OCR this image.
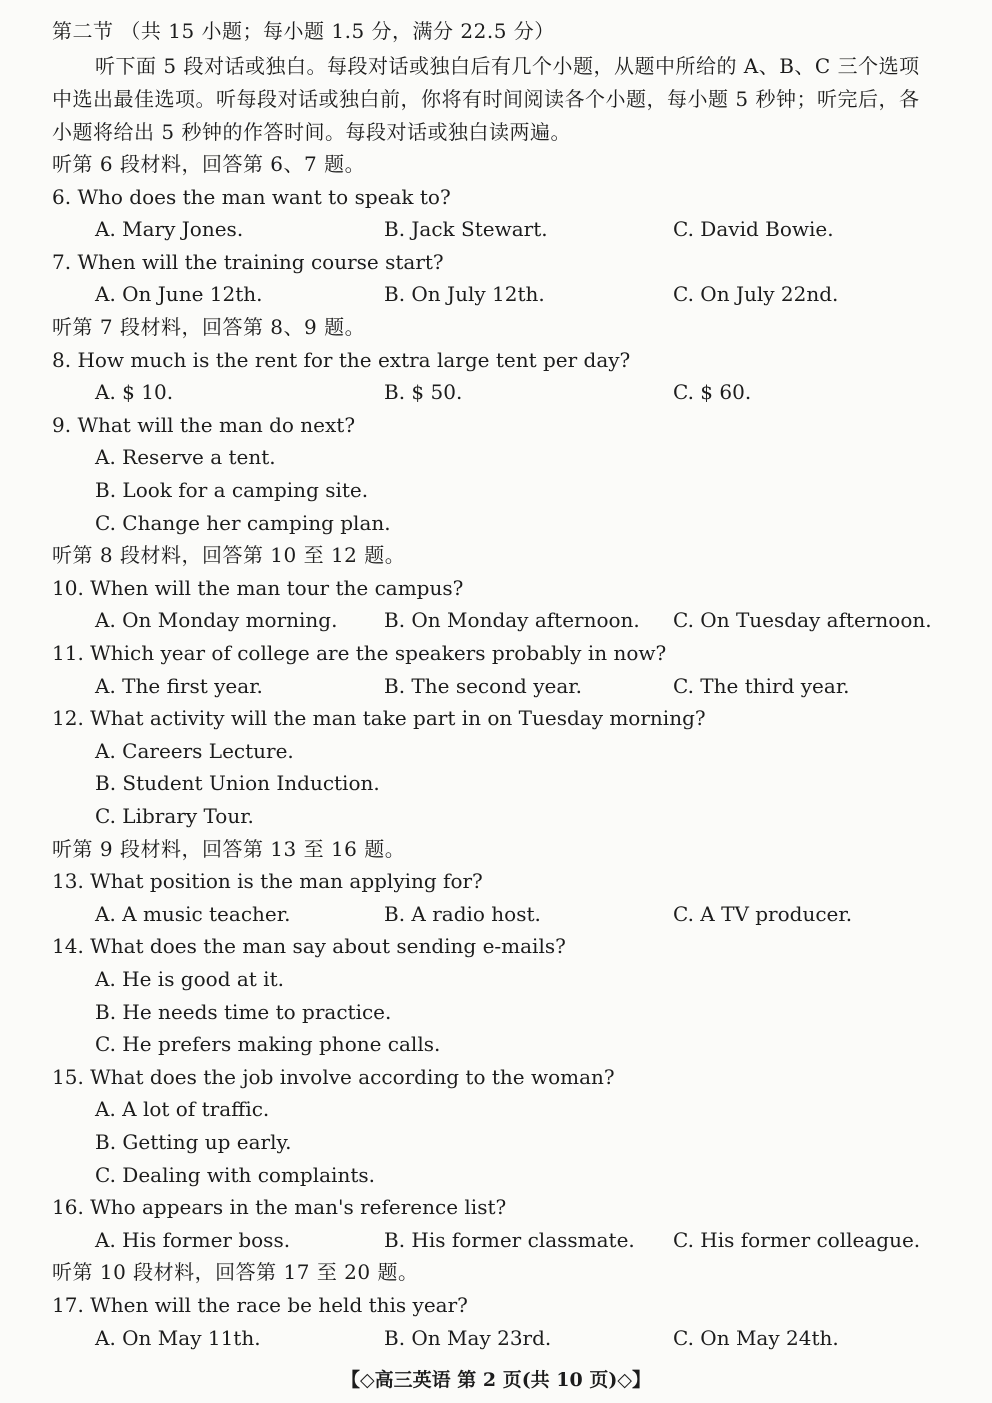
第二节 （共 15 小题；每小题 1.5 分，满分 22.5 分）
听下面 5 段对话或独白。每段对话或独白后有几个小题，从题中所给的 A、B、C 三个选项
中选出最佳选项。听每段对话或独白前，你将有时间阅读各个小题，每小题 5 秒钟；听完后，各
小题将给出 5 秒钟的作答时间。每段对话或独白读两遍。
听第 6 段材料，回答第 6、7 题。
6. Who does the man want to speak to?
A. Mary Jones.	B. Jack Stewart.	C. David Bowie.
7. When will the training course start?
A. On June 12th.	B. On July 12th.	C. On July 22nd.
听第 7 段材料，回答第 8、9 题。
8. How much is the rent for the extra large tent per day?
A. $ 10.	B. $ 50.	C. $ 60.
9. What will the man do next?
A. Reserve a tent.
B. Look for a camping site.
C. Change her camping plan.
听第 8 段材料，回答第 10 至 12 题。
10. When will the man tour the campus?
A. On Monday morning. B. On Monday afternoon. C. On Tuesday afternoon.
11. Which year of college are the speakers probably in now?
A. The first year.	B. The second year.	C. The third year.
12. What activity will the man take part in on Tuesday morning?
A. Careers Lecture.
B. Student Union Induction.
C. Library Tour.
听第 9 段材料，回答第 13 至 16 题。
13. What position is the man applying for?
A. A music teacher.	B. A radio host.	C. A TV producer.
14. What does the man say about sending e-mails?
A. He is good at it.
B. He needs time to practice.
C. He prefers making phone calls.
15. What does the job involve according to the woman?
A. A lot of traffic.
B. Getting up early.
C. Dealing with complaints.
16. Who appears in the man's reference list?
A. His former boss.	B. His former classmate. C. His former colleague.
听第 10 段材料，回答第 17 至 20 题。
17. When will the race be held this year?
A. On May 11th.	B. On May 23rd.	C. On May 24th.
【◇高三英语 第 2 页(共 10 页)◇】
